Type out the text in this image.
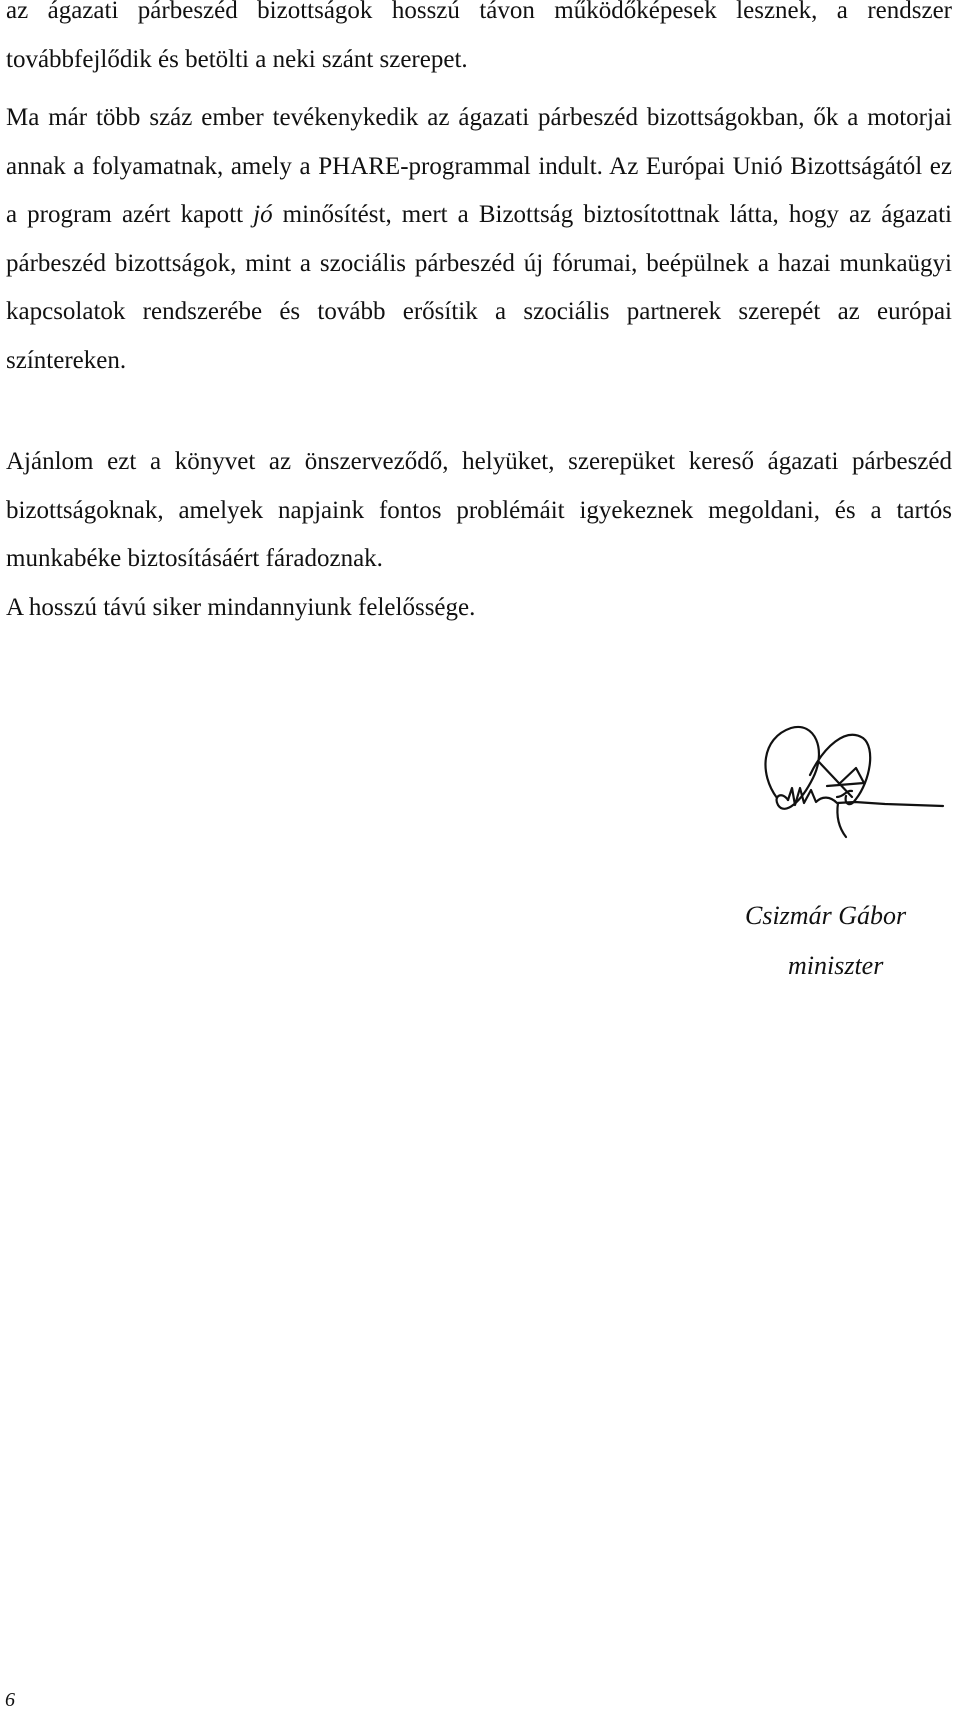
az ágazati párbeszéd bizottságok hosszú távon működőképesek lesznek, a rendszer továbbfejlődik és betölti a neki szánt szerepet.

Ma már több száz ember tevékenykedik az ágazati párbeszéd bizottságokban, ők a motorjai annak a folyamatnak, amely a PHARE-programmal indult. Az Európai Unió Bizottságától ez a program azért kapott jó minősítést, mert a Bizottság biztosítottnak látta, hogy az ágazati párbeszéd bizottságok, mint a szociális párbeszéd új fórumai, beépülnek a hazai munkaügyi kapcsolatok rendszerébe és tovább erősítik a szociális partnerek szerepét az európai színtereken.

Ajánlom ezt a könyvet az önszerveződő, helyüket, szerepüket kereső ágazati párbeszéd bizottságoknak, amelyek napjaink fontos problémáit igyekeznek megoldani, és a tartós munkabéke biztosításáért fáradoznak.

A hosszú távú siker mindannyiunk felelőssége.

Csizmár Gábor
miniszter
6
